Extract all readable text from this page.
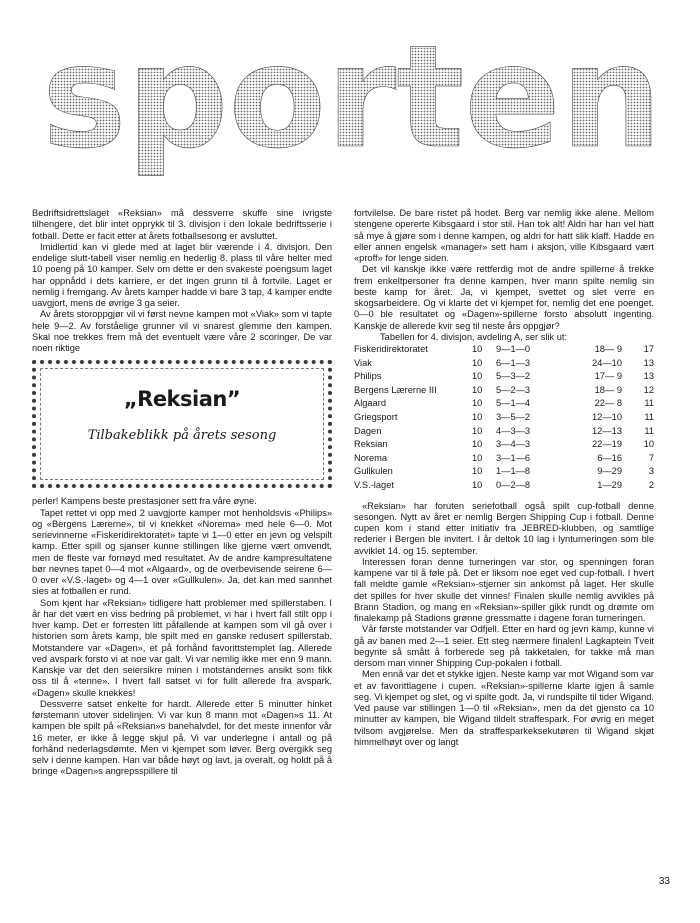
sporten

Bedriftsidrettslaget «Reksian» må dessverre skuffe sine ivrigste tilhengere, det blir intet opprykk til 3. divisjon i den lokale bedriftsserie i fotball. Dette er facit etter at årets fotballsesong er avsluttet.

Imidlertid kan vi glede med at laget blir værende i 4. divisjon. Den endelige slutt-tabell viser nemlig en hederlig 8. plass til våre helter med 10 poeng på 10 kamper. Selv om dette er den svakeste poengsum laget har oppnådd i dets karriere, er det ingen grunn til å fortvile. Laget er nemlig i fremgang. Av årets kamper hadde vi bare 3 tap, 4 kamper endte uavgjort, mens de øvrige 3 ga seier.

Av årets storoppgjør vil vi først nevne kampen mot «Viak» som vi tapte hele 9—2. Av forståelige grunner vil vi snarest glemme den kampen. Skal noe trekkes frem må det eventuelt være våre 2 scoringer. De var noen riktige

„Reksian”
Tilbakeblikk på årets sesong

perler! Kampens beste prestasjoner sett fra våre øyne.

Tapet rettet vi opp med 2 uavgjorte kamper mot henholdsvis «Philips» og «Bergens Lærerne», til vi knekket «Norema» med hele 6—0. Mot serievinnerne «Fiskeridirektoratet» tapte vi 1—0 etter en jevn og velspilt kamp. Etter spill og sjanser kunne stillingen like gjerne vært omvendt, men de fleste var fornøyd med resultatet. Av de andre kampresultatene bør nevnes tapet 0—4 mot «Algaard», og de overbevisende seirene 6—0 over «V.S.-laget» og 4—1 over «Gullkulen». Ja, det kan med sannhet sies at fotballen er rund.

Som kjent har «Reksian» tidligere hatt problemer med spillerstaben. I år har det vært en viss bedring på problemet, vi har i hvert fall stilt opp i hver kamp. Det er forresten litt påfallende at kampen som vil gå over i historien som årets kamp, ble spilt med en ganske redusert spillerstab. Motstandere var «Dagen», et på forhånd favorittstemplet lag. Allerede ved avspark forsto vi at noe var galt. Vi var nemlig ikke mer enn 9 mann. Kanskje var det den seiersikre minen i motstandernes ansikt som fikk oss til å «tenne». I hvert fall satset vi for fullt allerede fra avspark. «Dagen» skulle knekkes!

Dessverre satset enkelte for hardt. Allerede etter 5 minutter hinket førstemann utover sidelinjen. Vi var kun 8 mann mot «Dagen»s 11. At kampen ble spilt på «Reksian»s banehalvdel, for det meste innenfor vår 16 meter, er ikke å legge skjul på. Vi var underlegne i antall og på forhånd nederlagsdømte. Men vi kjempet som løver. Berg overgikk seg selv i denne kampen. Han var både høyt og lavt, ja overalt, og holdt på å bringe «Dagen»s angrepsspillere til

fortvilelse. De bare ristet på hodet. Berg var nemlig ikke alene. Mellom stengene opererte Kibsgaard i stor stil. Han tok alt! Aldri har han vel hatt så mye å gjøre som i denne kampen, og aldri for hatt slik klaff. Hadde en eller annen engelsk «manager» sett ham i aksjon, ville Kibsgaard vært «proff» for lenge siden.

Det vil kanskje ikke være rettferdig mot de andre spillerne å trekke frem enkeltpersoner fra denne kampen, hver mann spilte nemlig sin beste kamp for året. Ja, vi kjempet, svettet og slet verre en skogsarbeidere. Og vi klarte det vi kjempet for, nemlig det ene poenget. 0—0 ble resultatet og «Dagen»-spillerne forsto absolutt ingenting. Kanskje de allerede kvir seg til neste års oppgjør?

Tabellen for 4. divisjon, avdeling A, ser slik ut:

Fiskeridirektoratet	10	9—1—0	18— 9	17
Viak	10	6—1—3	24—10	13
Philips	10	5—3—2	17— 9	13
Bergens Lærerne III	10	5—2—3	18— 9	12
Algaard	10	5—1—4	22— 8	11
Griegsport	10	3—5—2	12—10	11
Dagen	10	4—3—3	12—13	11
Reksian	10	3—4—3	22—19	10
Norema	10	3—1—6	6—16	7
Gullkulen	10	1—1—8	9—29	3
V.S.-laget	10	0—2—8	1—29	2

«Reksian» har foruten seriefotball også spilt cup-fotball denne sesongen. Nytt av året er nemlig Bergen Shipping Cup i fotball. Denne cupen kom i stand etter initiativ fra JEBRED-klubben, og samtlige rederier i Bergen ble invitert. I år deltok 10 lag i lynturneringen som ble avviklet 14. og 15. september.

Interessen foran denne turneringen var stor, og spenningen foran kampene var til å føle på. Det er liksom noe eget ved cup-fotball. I hvert fall meldte gamle «Reksian»-stjerner sin ankomst på laget. Her skulle det spilles for hver skulle det vinnes! Finalen skulle nemlig avvikles på Brann Stadion, og mang en «Reksian»-spiller gikk rundt og drømte om finalekamp på Stadions grønne gressmatte i dagene foran turneringen.

Vår første motstander var Odfjell. Etter en hard og jevn kamp, kunne vi gå av banen med 2—1 seier. Ett steg nærmere finalen! Lagkaptein Tveit begynte så smått å forberede seg på takketalen, for takke må man dersom man vinner Shipping Cup-pokalen i fotball.

Men ennå var det et stykke igjen. Neste kamp var mot Wigand som var et av favorittlagene i cupen. «Reksian»-spillerne klarte igjen å samle seg. Vi kjempet og slet, og vi spilte godt. Ja, vi rundspilte til tider Wigand. Ved pause var stillingen 1—0 til «Reksian», men da det gjensto ca 10 minutter av kampen, ble Wigand tildelt straffespark. For øvrig en meget tvilsom avgjørelse. Men da straffesparkeksekutøren til Wigand skjøt himmelhøyt over og langt

33
